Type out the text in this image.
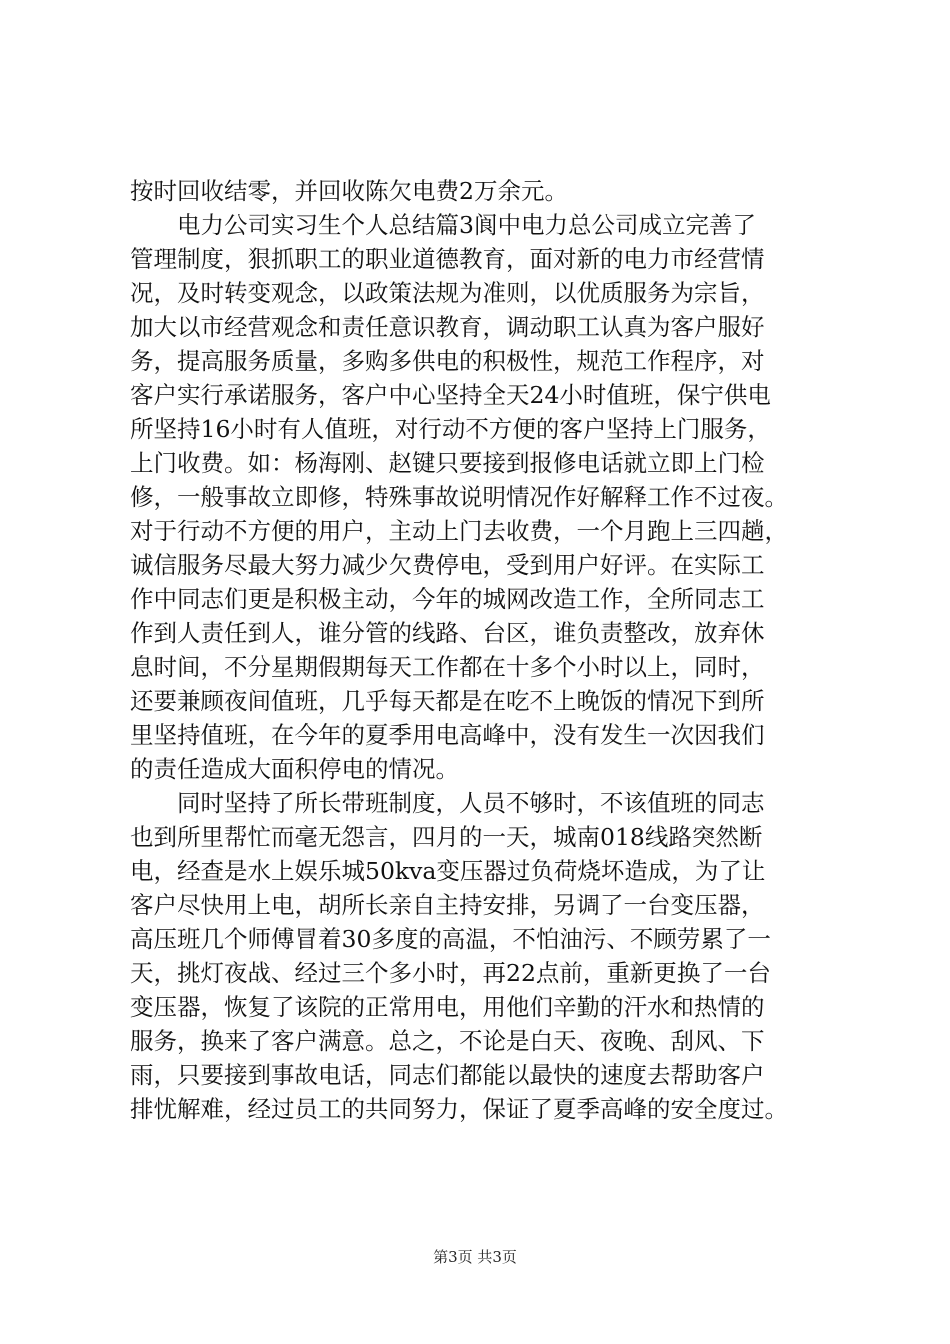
按时回收结零，并回收陈欠电费2万余元。
　　电力公司实习生个人总结篇3阆中电力总公司成立完善了
管理制度，狠抓职工的职业道德教育，面对新的电力市经营情
况，及时转变观念，以政策法规为准则，以优质服务为宗旨，
加大以市经营观念和责任意识教育，调动职工认真为客户服好
务，提高服务质量，多购多供电的积极性，规范工作程序，对
客户实行承诺服务，客户中心坚持全天24小时值班，保宁供电
所坚持16小时有人值班，对行动不方便的客户坚持上门服务，
上门收费。如：杨海刚、赵键只要接到报修电话就立即上门检
修，一般事故立即修，特殊事故说明情况作好解释工作不过夜。
对于行动不方便的用户，主动上门去收费，一个月跑上三四趟，
诚信服务尽最大努力减少欠费停电，受到用户好评。在实际工
作中同志们更是积极主动，今年的城网改造工作，全所同志工
作到人责任到人，谁分管的线路、台区，谁负责整改，放弃休
息时间，不分星期假期每天工作都在十多个小时以上，同时，
还要兼顾夜间值班，几乎每天都是在吃不上晚饭的情况下到所
里坚持值班，在今年的夏季用电高峰中，没有发生一次因我们
的责任造成大面积停电的情况。
　　同时坚持了所长带班制度，人员不够时，不该值班的同志
也到所里帮忙而毫无怨言，四月的一天，城南018线路突然断
电，经查是水上娱乐城50kva变压器过负荷烧坏造成，为了让
客户尽快用上电，胡所长亲自主持安排，另调了一台变压器，
高压班几个师傅冒着30多度的高温，不怕油污、不顾劳累了一
天，挑灯夜战、经过三个多小时，再22点前，重新更换了一台
变压器，恢复了该院的正常用电，用他们辛勤的汗水和热情的
服务，换来了客户满意。总之，不论是白天、夜晚、刮风、下
雨，只要接到事故电话，同志们都能以最快的速度去帮助客户
排忧解难，经过员工的共同努力，保证了夏季高峰的安全度过。
第3页 共3页
